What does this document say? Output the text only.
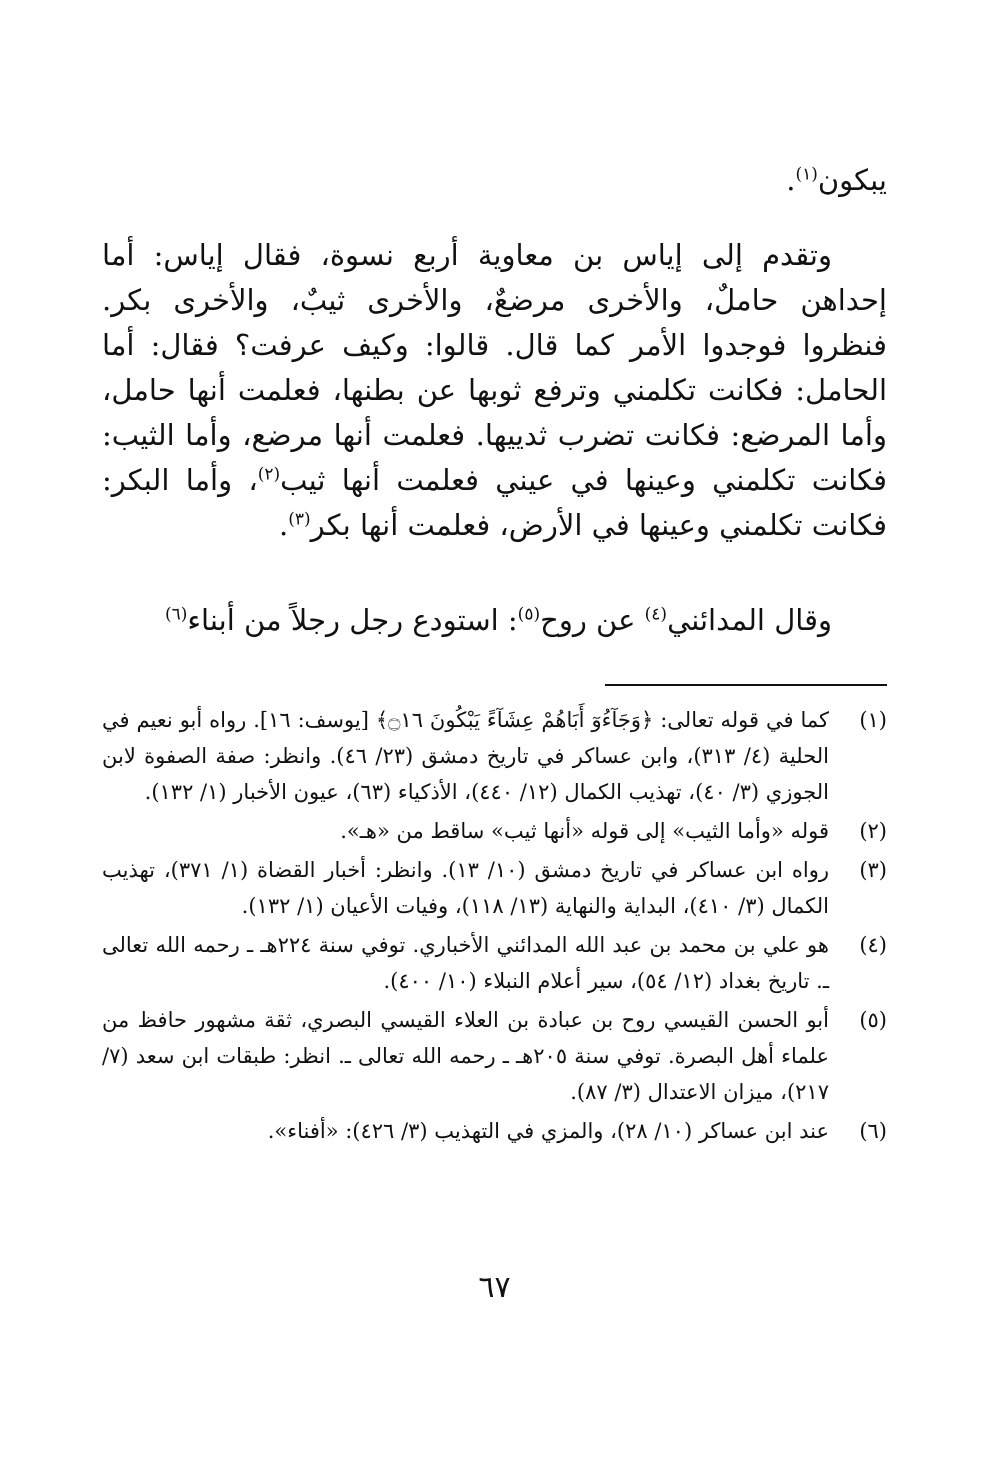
يبكون$^{(١)}$.

وتقدم إلى إياس بن معاوية أربع نسوة، فقال إياس: أما إحداهن حاملٌ، والأخرى مرضعٌ، والأخرى ثيبٌ، والأخرى بكر. فنظروا فوجدوا الأمر كما قال. قالوا: وكيف عرفت؟ فقال: أما الحامل: فكانت تكلمني وترفع ثوبها عن بطنها، فعلمت أنها حامل، وأما المرضع: فكانت تضرب ثدييها. فعلمت أنها مرضع، وأما الثيب: فكانت تكلمني وعينها في عيني فعلمت أنها ثيب$^{(٢)}$، وأما البكر: فكانت تكلمني وعينها في الأرض، فعلمت أنها بكر$^{(٣)}$.

وقال المدائني$^{(٤)}$ عن روح$^{(٥)}$: استودع رجل رجلاً من أبناء$^{(٦)}$

(١)
كما في قوله تعالى: ﴿وَجَآءُوٓ أَبَاهُمْ عِشَآءً يَبْكُونَ ۝١٦﴾ [يوسف: ١٦]. رواه أبو نعيم في الحلية (٤/ ٣١٣)، وابن عساكر في تاريخ دمشق (٢٣/ ٤٦). وانظر: صفة الصفوة لابن الجوزي (٣/ ٤٠)، تهذيب الكمال (١٢/ ٤٤٠)، الأذكياء (٦٣)، عيون الأخبار (١/ ١٣٢).
(٢)
قوله «وأما الثيب» إلى قوله «أنها ثيب» ساقط من «هـ».
(٣)
رواه ابن عساكر في تاريخ دمشق (١٠/ ١٣). وانظر: أخبار القضاة (١/ ٣٧١)، تهذيب الكمال (٣/ ٤١٠)، البداية والنهاية (١٣/ ١١٨)، وفيات الأعيان (١/ ١٣٢).
(٤)
هو علي بن محمد بن عبد الله المدائني الأخباري. توفي سنة ٢٢٤هـ ـ رحمه الله تعالى ـ. تاريخ بغداد (١٢/ ٥٤)، سير أعلام النبلاء (١٠/ ٤٠٠).
(٥)
أبو الحسن القيسي روح بن عبادة بن العلاء القيسي البصري، ثقة مشهور حافظ من علماء أهل البصرة. توفي سنة ٢٠٥هـ ـ رحمه الله تعالى ـ. انظر: طبقات ابن سعد (٧/ ٢١٧)، ميزان الاعتدال (٣/ ٨٧).
(٦)
عند ابن عساكر (١٠/ ٢٨)، والمزي في التهذيب (٣/ ٤٢٦): «أفناء».
٦٧
